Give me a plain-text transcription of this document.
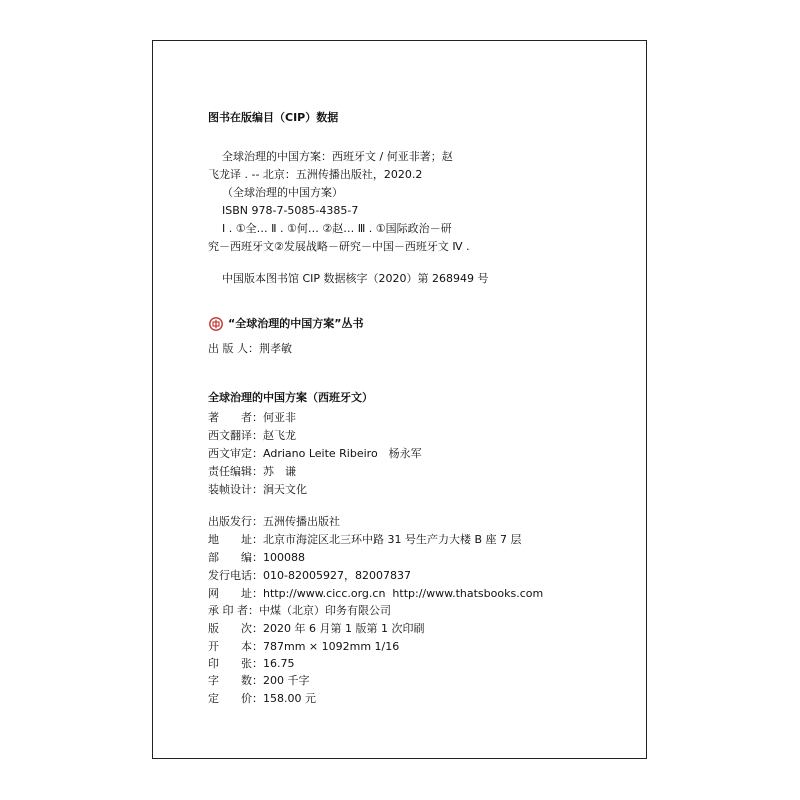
图书在版编目（CIP）数据
全球治理的中国方案：西班牙文 / 何亚非著；赵
飞龙译 . -- 北京：五洲传播出版社，2020.2
（全球治理的中国方案）
ISBN 978-7-5085-4385-7
Ⅰ . ①全… Ⅱ . ①何… ②赵… Ⅲ . ①国际政治－研
究－西班牙文②发展战略－研究－中国－西班牙文 Ⅳ .
中国版本图书馆 CIP 数据核字（2020）第 268949 号
“全球治理的中国方案”丛书
出 版 人：荆孝敏
全球治理的中国方案（西班牙文）
著　　者：何亚非
西文翻译：赵飞龙
西文审定：Adriano Leite Ribeiro　杨永军
责任编辑：苏　谦
装帧设计：涧天文化
出版发行：五洲传播出版社
地　　址：北京市海淀区北三环中路 31 号生产力大楼 B 座 7 层
部　　编：100088
发行电话：010-82005927，82007837
网　　址：http://www.cicc.org.cn  http://www.thatsbooks.com
承 印 者：中煤（北京）印务有限公司
版　　次：2020 年 6 月第 1 版第 1 次印刷
开　　本：787mm × 1092mm 1/16
印　　张：16.75
字　　数：200 千字
定　　价：158.00 元
